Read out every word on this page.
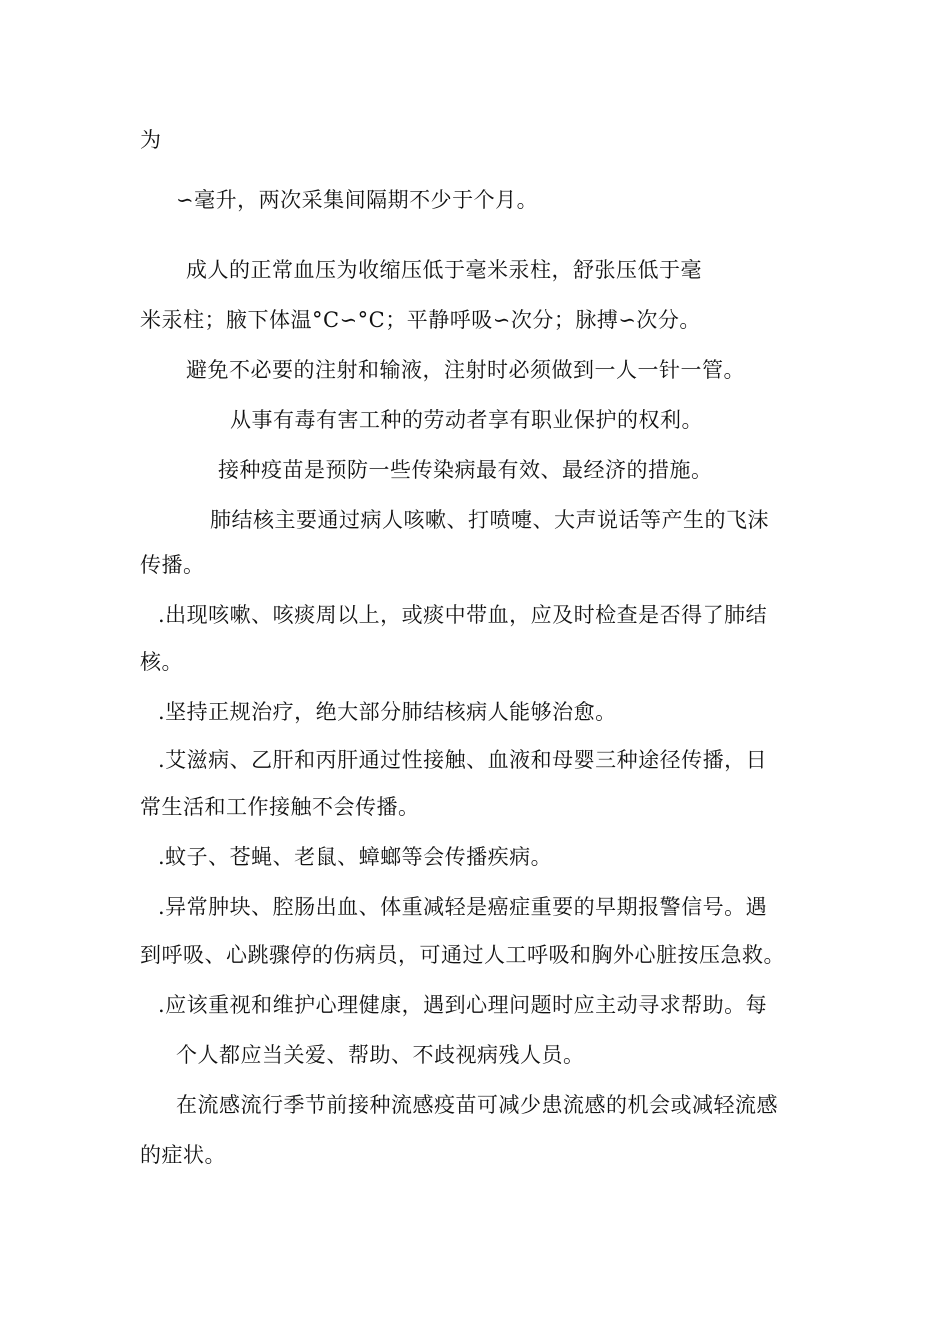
为
∽毫升，两次采集间隔期不少于个月。
成人的正常血压为收缩压低于毫米汞柱，舒张压低于毫
米汞柱；腋下体温°C∽°C；平静呼吸∽次分；脉搏∽次分。
避免不必要的注射和输液，注射时必须做到一人一针一管。
从事有毒有害工种的劳动者享有职业保护的权利。
接种疫苗是预防一些传染病最有效、最经济的措施。
肺结核主要通过病人咳嗽、打喷嚏、大声说话等产生的飞沫
传播。
.出现咳嗽、咳痰周以上，或痰中带血，应及时检查是否得了肺结
核。
.坚持正规治疗，绝大部分肺结核病人能够治愈。
.艾滋病、乙肝和丙肝通过性接触、血液和母婴三种途径传播，日
常生活和工作接触不会传播。
.蚊子、苍蝇、老鼠、蟑螂等会传播疾病。
.异常肿块、腔肠出血、体重减轻是癌症重要的早期报警信号。遇
到呼吸、心跳骤停的伤病员，可通过人工呼吸和胸外心脏按压急救。
.应该重视和维护心理健康，遇到心理问题时应主动寻求帮助。每
个人都应当关爱、帮助、不歧视病残人员。
在流感流行季节前接种流感疫苗可减少患流感的机会或减轻流感
的症状。
